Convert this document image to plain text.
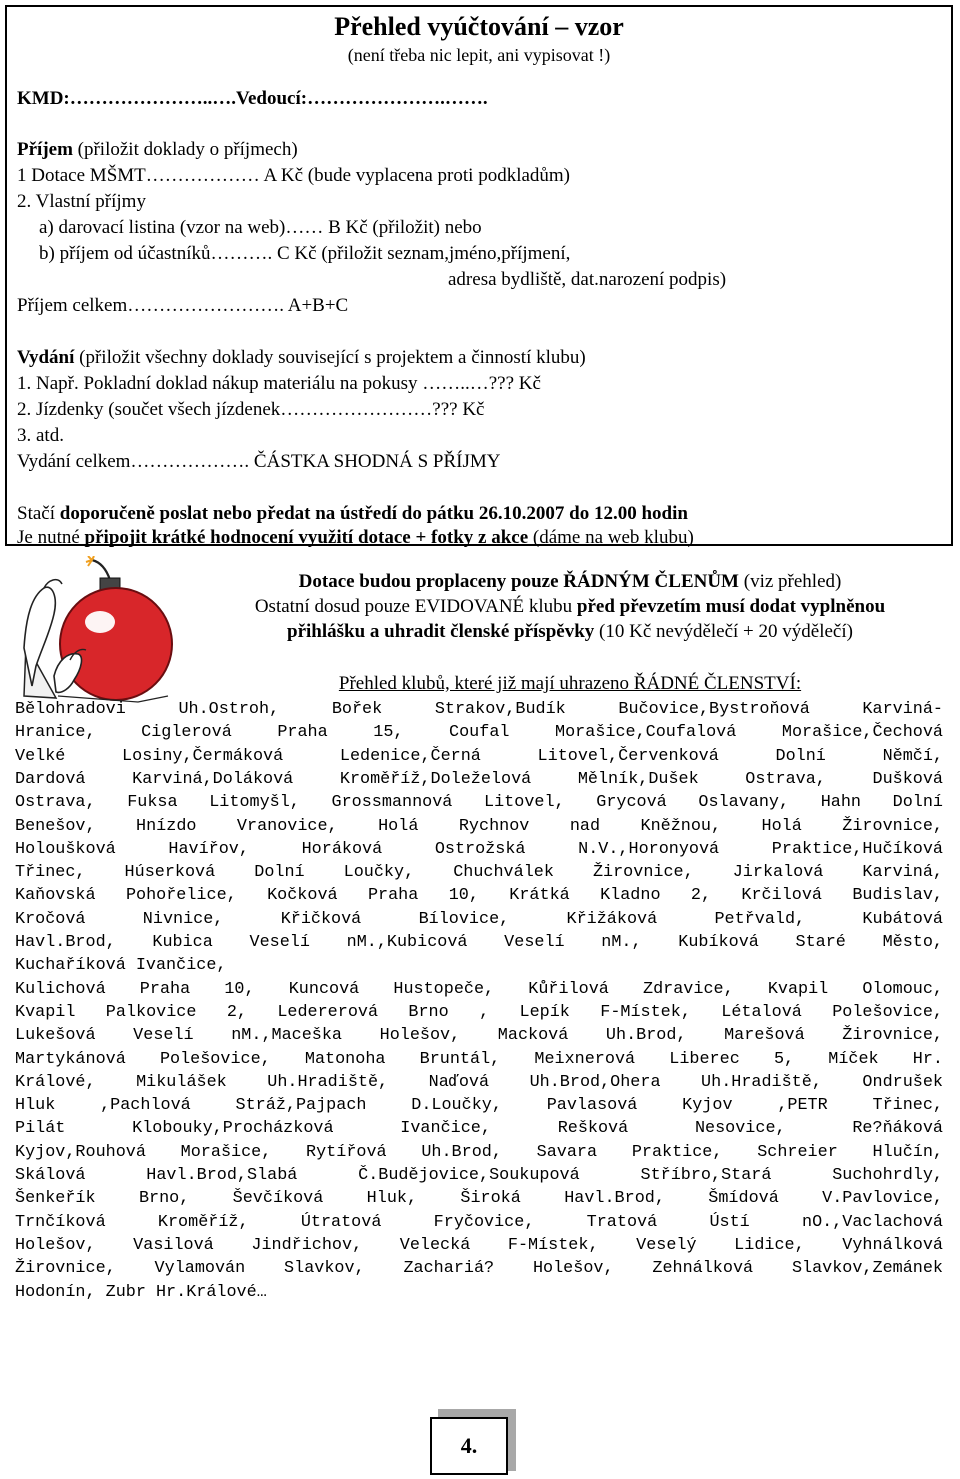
Přehled vyúčtování – vzor
(není třeba nic lepit, ani vypisovat !)
KMD:…………………..….Vedoucí:………………….…….
Příjem (přiložit doklady o příjmech)
1 Dotace MŠMT……………… A Kč (bude vyplacena proti podkladům)
2. Vlastní příjmy
a) darovací listina (vzor na web)…… B Kč (přiložit) nebo
b) příjem od účastníků………. C Kč (přiložit seznam,jméno,příjmení,
adresa bydliště, dat.narození podpis)
Příjem celkem……………………. A+B+C
Vydání (přiložit všechny doklady související s projektem a činností klubu)
1. Např. Pokladní doklad nákup materiálu na pokusy ……..…??? Kč
2. Jízdenky (součet všech jízdenek……………………??? Kč
3. atd.
Vydání celkem………………. ČÁSTKA SHODNÁ S PŘÍJMY
Stačí doporučeně poslat nebo předat na ústředí do pátku 26.10.2007 do 12.00 hodin
Je nutné připojit krátké hodnocení využití dotace + fotky z akce (dáme na web klubu)
Dotace budou proplaceny pouze ŘÁDNÝM ČLENŮM (viz přehled)
Ostatní dosud pouze EVIDOVANÉ klubu před převzetím musí dodat vyplněnou
přihlášku a uhradit členské příspěvky (10 Kč nevýdělečí + 20 výdělečí)
Přehled klubů, které již mají uhrazeno ŘÁDNÉ ČLENSTVÍ:
Bělohradovi Uh.Ostroh, Bořek Strakov,Budík Bučovice,Bystroňová Karviná-
Hranice, Ciglerová Praha 15, Coufal Morašice,Coufalová Morašice,Čechová
Velké Losiny,Čermáková Ledenice,Černá Litovel,Červenková Dolní Němčí,
Dardová Karviná,Doláková Kroměříž,Doleželová Mělník,Dušek Ostrava, Dušková
Ostrava, Fuksa Litomyšl, Grossmannová Litovel, Grycová Oslavany, Hahn Dolní
Benešov, Hnízdo Vranovice, Holá Rychnov nad Kněžnou, Holá Žirovnice,
Holoušková Havířov, Horáková Ostrožská N.V.,Horonyová Praktice,Hučíková
Třinec, Húserková Dolní Loučky, Chuchválek Žirovnice, Jirkalová Karviná,
Kaňovská Pohořelice, Kočková Praha 10, Krátká Kladno 2, Krčilová Budislav,
Kročová Nivnice, Křičková Bílovice, Křižáková Petřvald, Kubátová
Havl.Brod, Kubica Veselí nM.,Kubicová Veselí nM., Kubíková Staré Město,
Kuchaříková Ivančice,
Kulichová Praha 10, Kuncová Hustopeče, Kůřilová Zdravice, Kvapil Olomouc,
Kvapil Palkovice 2, Ledererová Brno , Lepík F-Místek, Létalová Polešovice,
Lukešová Veselí nM.,Maceška Holešov, Macková Uh.Brod, Marešová Žirovnice,
Martykánová Polešovice, Matonoha Bruntál, Meixnerová Liberec 5, Míček Hr.
Králové, Mikulášek Uh.Hradiště, Naďová Uh.Brod,Ohera Uh.Hradiště, Ondrušek
Hluk ,Pachlová Stráž,Pajpach D.Loučky, Pavlasová Kyjov ,PETR Třinec,
Pilát Klobouky,Procházková Ivančice, Rešková Nesovice, Re?ňáková
Kyjov,Rouhová Morašice, Rytířová Uh.Brod, Savara Praktice, Schreier Hlučín,
Skálová Havl.Brod,Slabá Č.Budějovice,Soukupová Stříbro,Stará Suchohrdly,
Šenkeřík Brno, Ševčíková Hluk, Široká Havl.Brod, Šmídová V.Pavlovice,
Trnčíková Kroměříž, Útratová Fryčovice, Tratová Ústí nO.,Vaclachová
Holešov, Vasilová Jindřichov, Velecká F-Místek, Veselý Lidice, Vyhnálková
Žirovnice, Vylamován Slavkov, Zachariá? Holešov, Zehnálková Slavkov,Zemánek
Hodonín, Zubr Hr.Králové…
4.
